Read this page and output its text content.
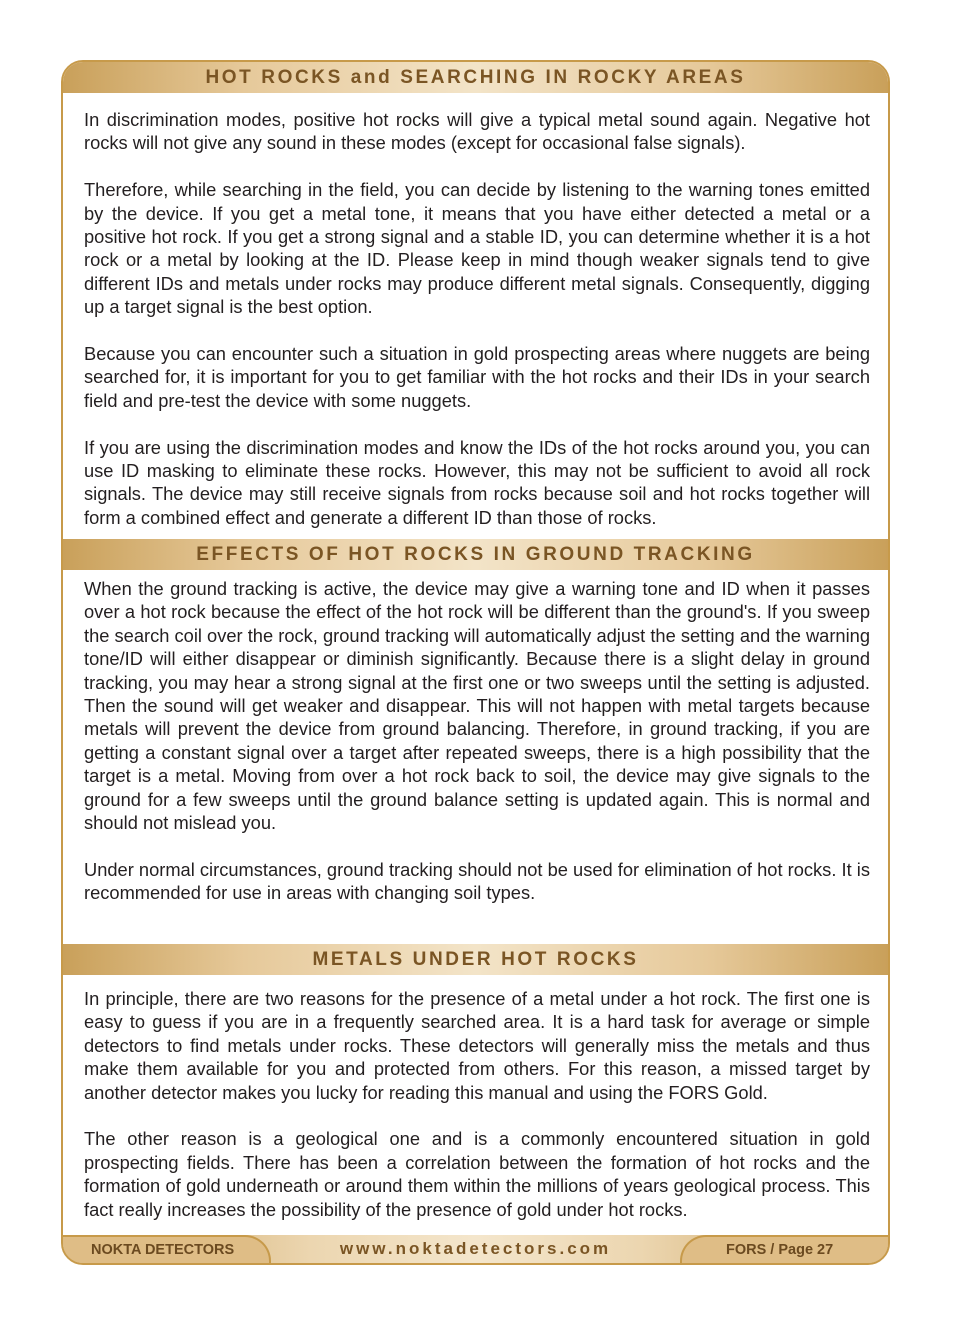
HOT ROCKS and SEARCHING IN ROCKY AREAS

In discrimination modes, positive hot rocks will give a typical metal sound again. Negative hot rocks will not give any sound in these modes (except for occasional false signals).

Therefore, while searching in the field, you can decide by listening to the warning tones emitted by the device. If you get a metal tone, it means that you have either detected a metal or a positive hot rock. If you get a strong signal and a stable ID, you can determine whether it is a hot rock or a metal by looking at the ID. Please keep in mind though weaker signals tend to give different IDs and metals under rocks may produce different metal signals. Consequently, digging up a target signal is the best option.

Because you can encounter such a situation in gold prospecting areas where nuggets are being searched for, it is important for you to get familiar with the hot rocks and their IDs in your search field and pre-test the device with some nuggets.

If you are using the discrimination modes and know the IDs of the hot rocks around you, you can use ID masking to eliminate these rocks. However, this may not be sufficient to avoid all rock signals. The device may still receive signals from rocks because soil and hot rocks together will form a combined effect and generate a different ID than those of rocks.

EFFECTS OF HOT ROCKS IN GROUND TRACKING

When the ground tracking is active, the device may give a warning tone and ID when it passes over a hot rock because the effect of the hot rock will be different than the ground's. If you sweep the search coil over the rock, ground tracking will automatically adjust the setting and the warning tone/ID will either disappear or diminish significantly. Because there is a slight delay in ground tracking, you may hear a strong signal at the first one or two sweeps until the setting is adjusted. Then the sound will get weaker and disappear. This will not happen with metal targets because metals will prevent the device from ground balancing. Therefore, in ground tracking, if you are getting a constant signal over a target after repeated sweeps, there is a high possibility that the target is a metal. Moving from over a hot rock back to soil, the device may give signals to the ground for a few sweeps until the ground balance setting is updated again. This is normal and should not mislead you.

Under normal circumstances, ground tracking should not be used for elimination of hot rocks. It is recommended for use in areas with changing soil types.

METALS UNDER HOT ROCKS

In principle, there are two reasons for the presence of a metal under a hot rock. The first one is easy to guess if you are in a frequently searched area. It is a hard task for average or simple detectors to find metals under rocks. These detectors will generally miss the metals and thus make them available for you and protected from others. For this reason, a missed target by another detector makes you lucky for reading this manual and using the FORS Gold.

The other reason is a geological one and is a commonly encountered situation in gold prospecting fields. There has been a correlation between the formation of hot rocks and the formation of gold underneath or around them within the millions of years geological process. This fact really increases the possibility of the presence of gold under hot rocks.

NOKTA DETECTORS	www.noktadetectors.com	FORS / Page 27
